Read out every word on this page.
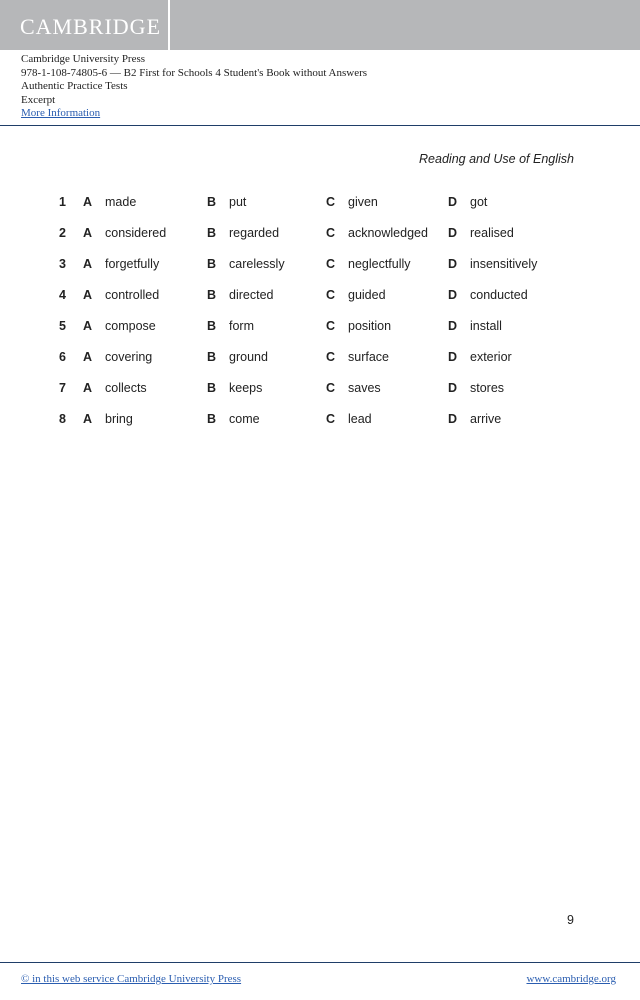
CAMBRIDGE
Cambridge University Press
978-1-108-74805-6 — B2 First for Schools 4 Student's Book without Answers
Authentic Practice Tests
Excerpt
More Information
Reading and Use of English
1 A made	B put	C given	D got
2 A considered	B regarded	C acknowledged D realised
3 A forgetfully	B carelessly	C neglectfully	D insensitively
4 A controlled	B directed	C guided	D conducted
5 A compose	B form	C position	D install
6 A covering	B ground	C surface	D exterior
7 A collects	B keeps	C saves	D stores
8 A bring	B come	C lead	D arrive
9
© in this web service Cambridge University Press	www.cambridge.org
